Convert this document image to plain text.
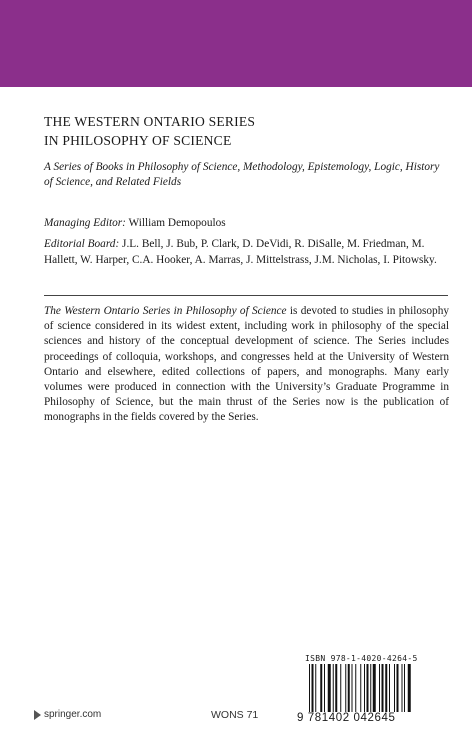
THE WESTERN ONTARIO SERIES
IN PHILOSOPHY OF SCIENCE
A Series of Books in Philosophy of Science, Methodology, Epistemology, Logic, History of Science, and Related Fields
Managing Editor: William Demopoulos
Editorial Board: J.L. Bell, J. Bub, P. Clark, D. DeVidi, R. DiSalle, M. Friedman, M. Hallett, W. Harper, C.A. Hooker, A. Marras, J. Mittelstrass, J.M. Nicholas, I. Pitowsky.
The Western Ontario Series in Philosophy of Science is devoted to studies in philosophy of science considered in its widest extent, including work in philosophy of the special sciences and history of the conceptual development of science. The Series includes proceedings of colloquia, workshops, and congresses held at the University of Western Ontario and elsewhere, edited collections of papers, and monographs. Many early volumes were produced in connection with the University’s Graduate Programme in Philosophy of Science, but the main thrust of the Series now is the publication of monographs in the fields covered by the Series.
ISBN 978-1-4020-4264-5
9 781402 042645
springer.com	WONS 71
